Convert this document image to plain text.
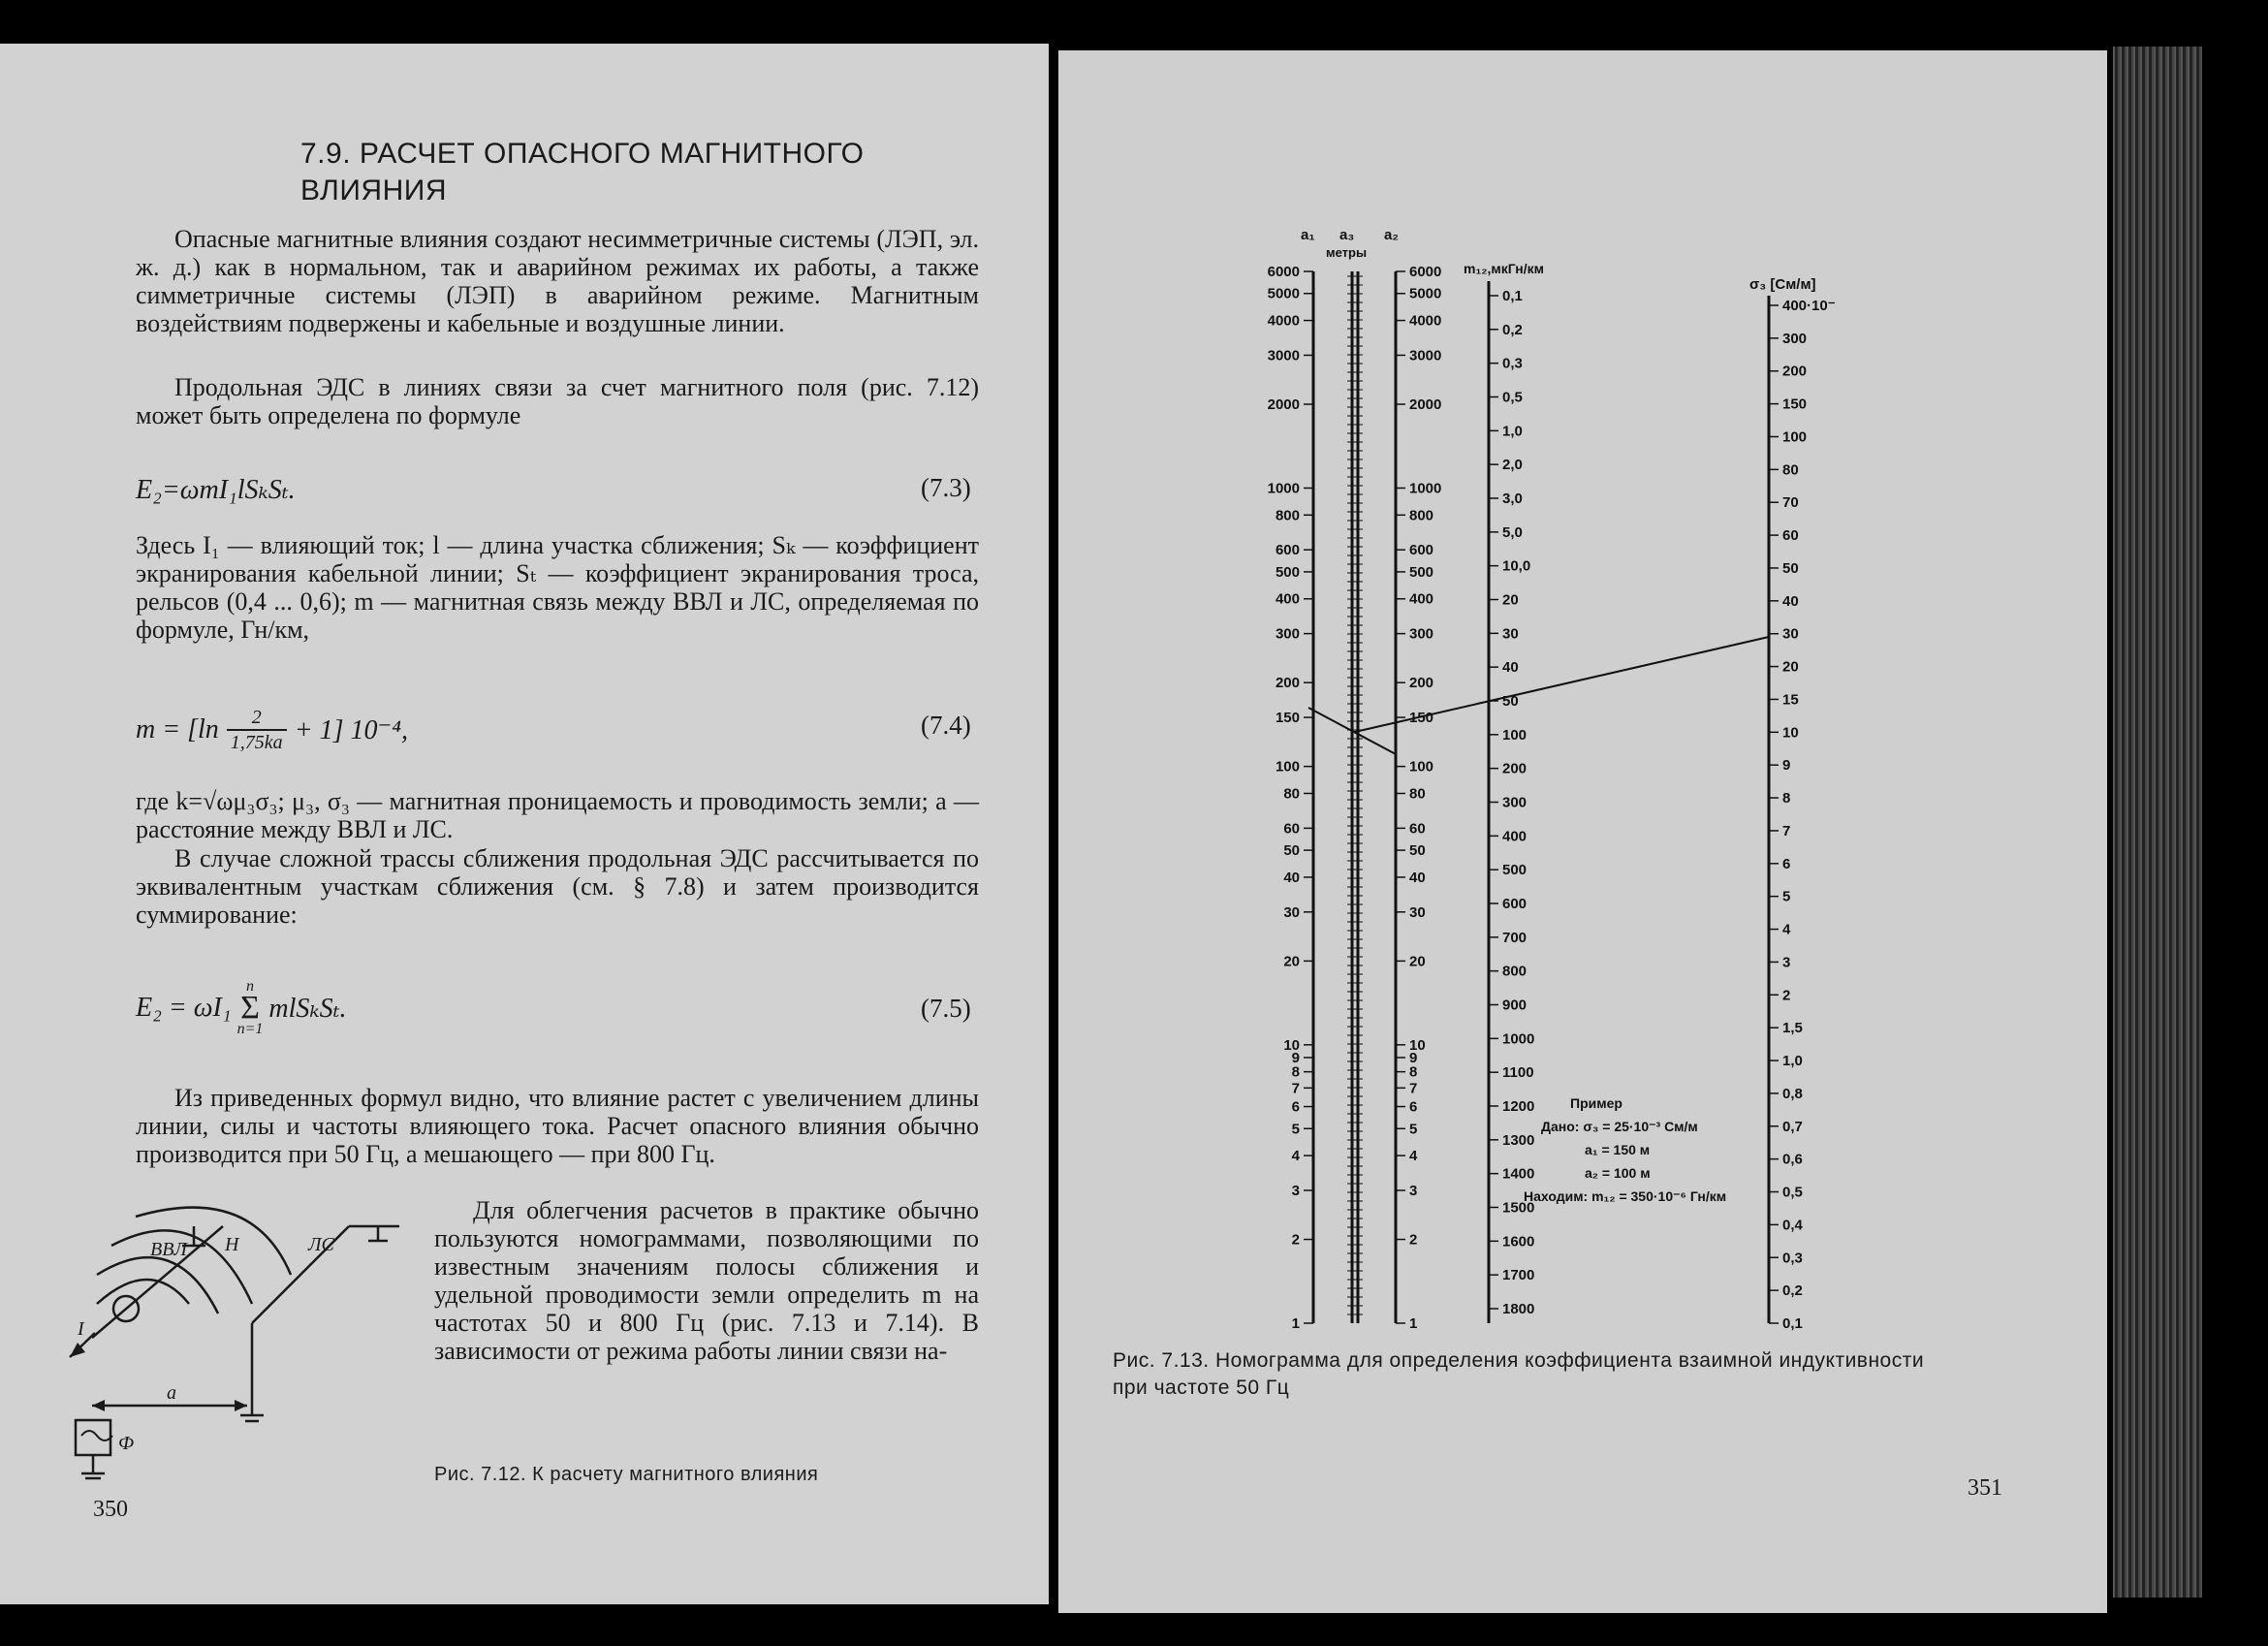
7.9. РАСЧЕТ ОПАСНОГО МАГНИТНОГО
ВЛИЯНИЯ
Опасные магнитные влияния создают несимметричные системы (ЛЭП, эл. ж. д.) как в нормальном, так и аварийном режимах их работы, а также симметричные системы (ЛЭП) в аварийном режиме. Магнитным воздействиям подвержены и кабельные и воздушные линии.
Продольная ЭДС в линиях связи за счет магнитного поля (рис. 7.12) может быть определена по формуле
E₂=ωmI₁lSₖSₜ.	(7.3)
Здесь I₁ — влияющий ток; l — длина участка сближения; Sₖ — коэффициент экранирования кабельной линии; Sₜ — коэффициент экранирования троса, рельсов (0,4 ... 0,6); m — магнитная связь между ВВЛ и ЛС, определяемая по формуле, Гн/км,
$m = [\ln \frac{2}{1,75ka} + 1]$ 10⁻⁴,	(7.4)
где k=√ωμ₃σ₃; μ₃, σ₃ — магнитная проницаемость и проводимость земли; a — расстояние между ВВЛ и ЛС.
В случае сложной трассы сближения продольная ЭДС рассчитывается по эквивалентным участкам сближения (см. § 7.8) и затем производится суммирование:
E₂ = ωI₁
n
Σ
n=1
mlSₖSₜ.	(7.5)
Из приведенных формул видно, что влияние растет с увеличением длины линии, силы и частоты влияющего тока. Расчет опасного влияния обычно производится при 50 Гц, а мешающего — при 800 Гц.
Для облегчения расчетов в практике обычно пользуются номограммами, позволяющими по известным значениям полосы сближения и удельной проводимости земли определить m на частотах 50 и 800 Гц (рис. 7.13 и 7.14). В зависимости от режима работы линии связи на-
ВВЛ Н	ЛС
I
a
Ф
Рис. 7.12. К расчету магнитного влияния
350
6000
5000
4000
3000
2000
1000
800
600
500
400
300
200
150
100
80
60
50
40
30
20
10
9
8
7
6
5
4
3
2
1
6000
5000
4000
3000
2000
1000
800
600
500
400
300
200
150
100
80
60
50
40
30
20
10
9
8
7
6
5
4
3
2
1
0,1
0,2
0,3
0,5
1,0
2,0
3,0
5,0
10,0
20
30
40
50
100
200
300
400
500
600
700
800
900
1000
1100
1200
1300
1400
1500
1600
1700
1800
400·10⁻
300
200
150
100
80
70
60
50
40
30
20
15
10
9
8
7
6
5
4
3
2
1,5
1,0
0,8
0,7
0,6
0,5
0,4
0,3
0,2
0,1
a₁ a₃ a₂
метры
m₁₂,мкГн/км
σ₃ [См/м]
Пример
Дано: σ₃ = 25·10⁻³ См/м
a₁ = 150 м
a₂ = 100 м
Находим: m₁₂ = 350·10⁻⁶ Гн/км
Рис. 7.13. Номограмма для определения коэффициента взаимной индуктивности
при частоте 50 Гц
351
